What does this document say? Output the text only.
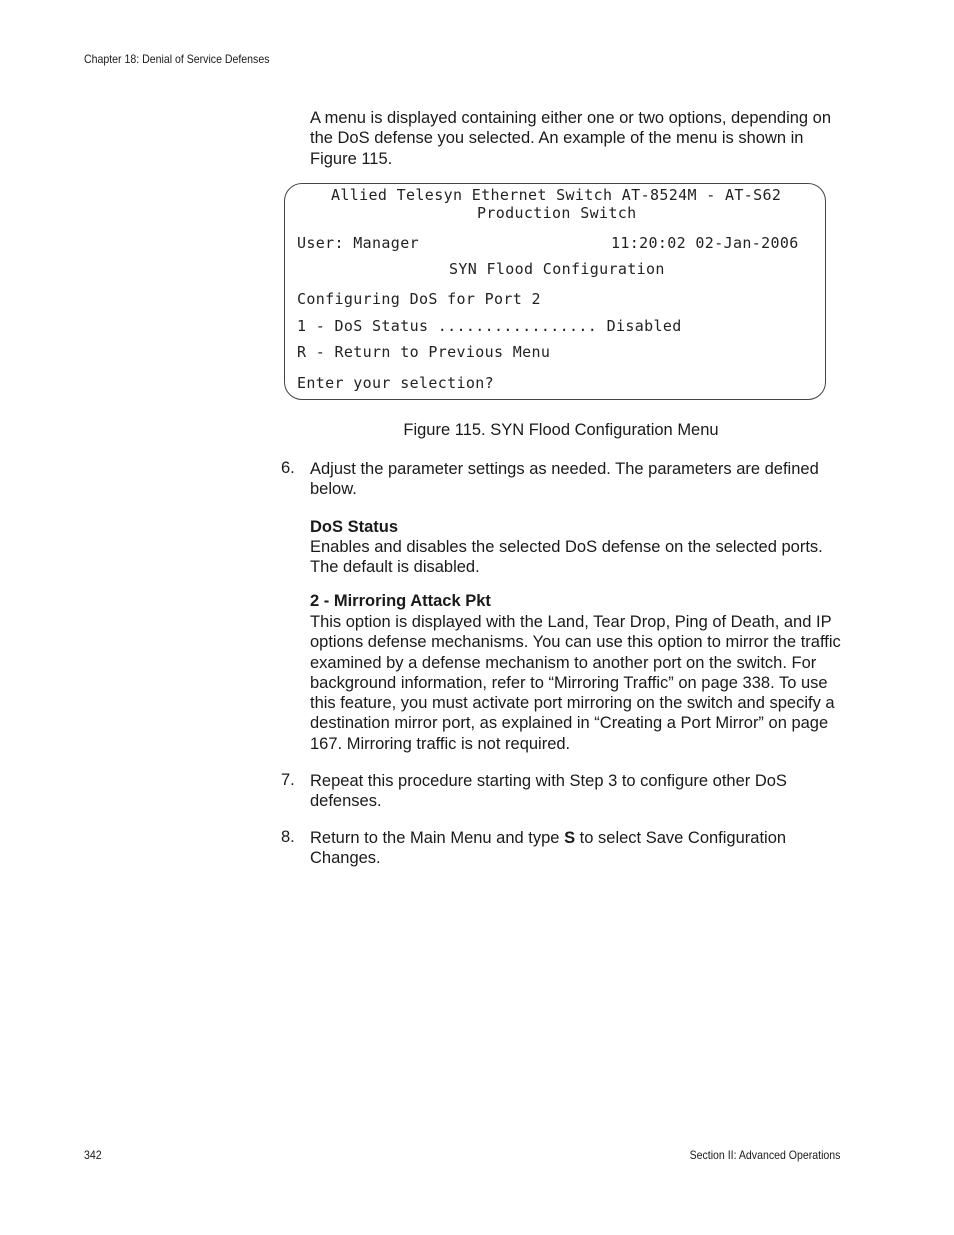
Chapter 18: Denial of Service Defenses

A menu is displayed containing either one or two options, depending on the DoS defense you selected. An example of the menu is shown in Figure 115.

Allied Telesyn Ethernet Switch AT-8524M - AT-S62
Production Switch
User: Manager	11:20:02 02-Jan-2006
SYN Flood Configuration
Configuring DoS for Port 2
1 - DoS Status ................. Disabled
R - Return to Previous Menu
Enter your selection?
Figure 115. SYN Flood Configuration Menu
6. Adjust the parameter settings as needed. The parameters are defined below.

DoS Status

Enables and disables the selected DoS defense on the selected ports. The default is disabled.

2 - Mirroring Attack Pkt

This option is displayed with the Land, Tear Drop, Ping of Death, and IP options defense mechanisms. You can use this option to mirror the traffic examined by a defense mechanism to another port on the switch. For background information, refer to “Mirroring Traffic” on page 338. To use this feature, you must activate port mirroring on the switch and specify a destination mirror port, as explained in “Creating a Port Mirror” on page 167. Mirroring traffic is not required.

7. Repeat this procedure starting with Step 3 to configure other DoS defenses.

8. Return to the Main Menu and type S to select Save Configuration Changes.

342	Section II: Advanced Operations
